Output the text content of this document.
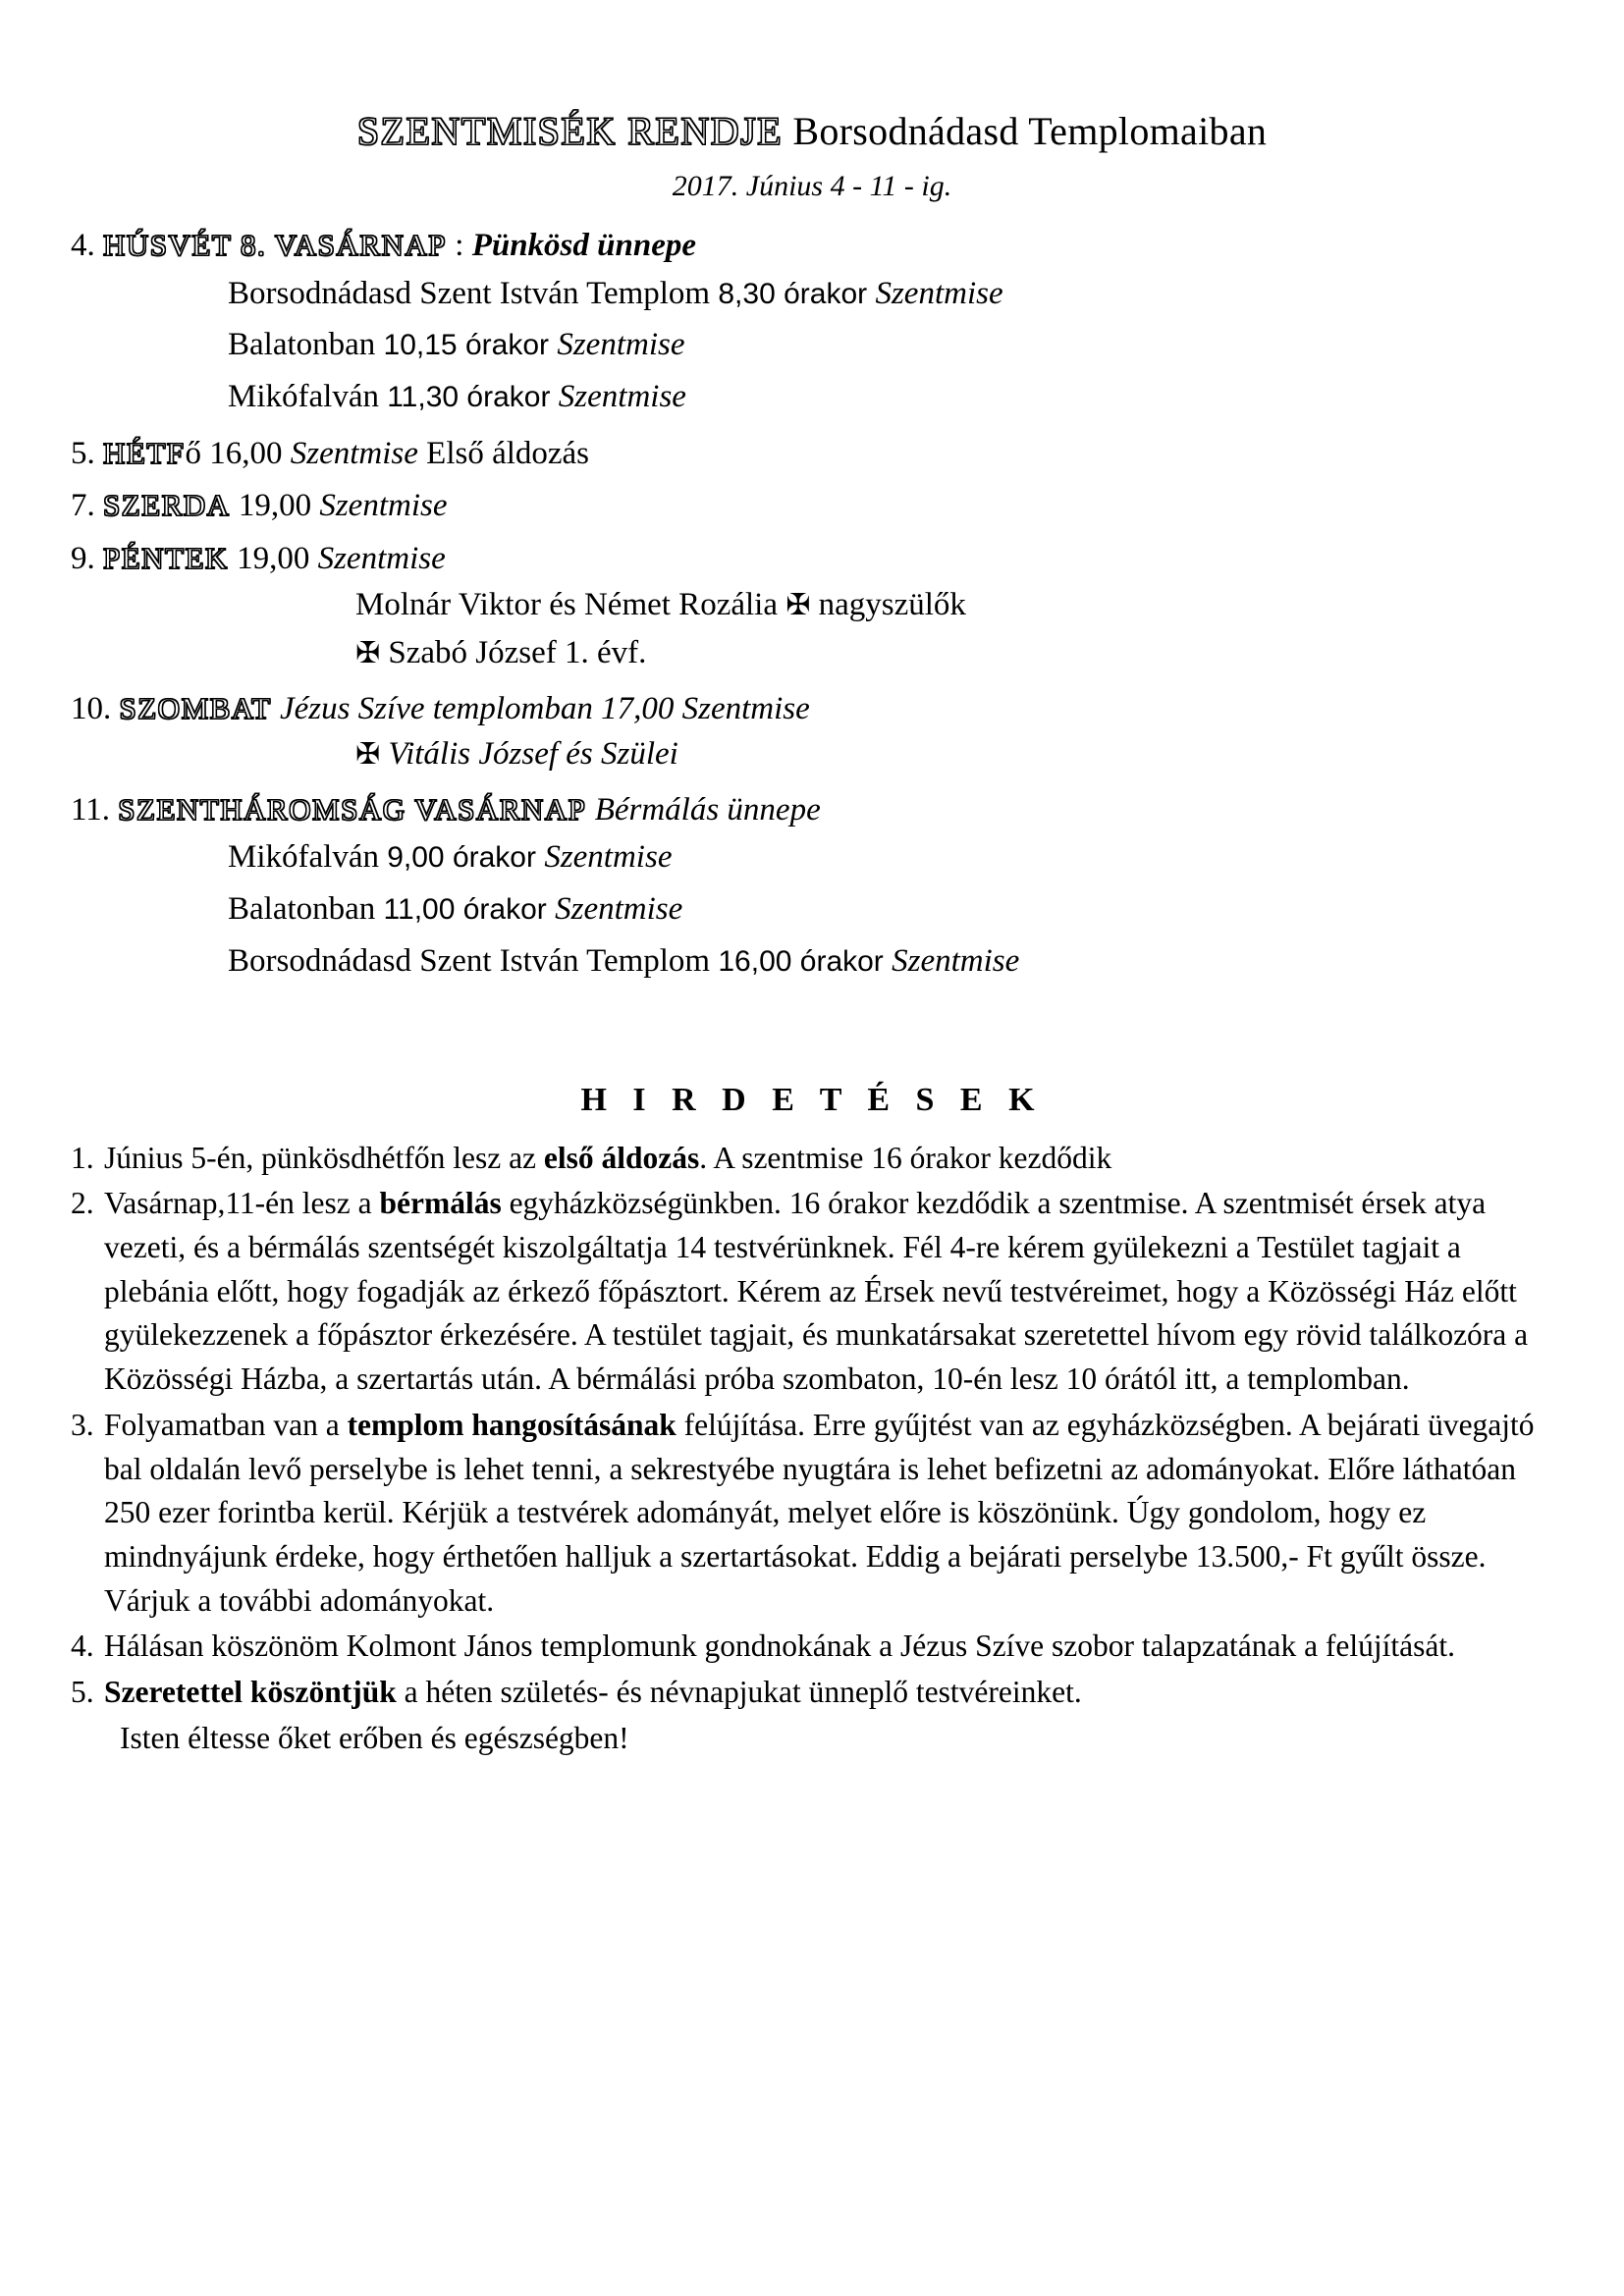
SZENTMISÉK RENDJE Borsodnádasd Templomaiban
2017. Június 4 - 11 - ig.
4. HÚSVÉT 8. VASÁRNAP : Pünkösd ünnepe
Borsodnádasd Szent István Templom 8,30 órakor Szentmise
Balatonban 10,15 órakor Szentmise
Mikófalván 11,30 órakor Szentmise
5. HÉTFő 16,00 Szentmise Első áldozás
7. SZERDA 19,00 Szentmise
9. PÉNTEK 19,00 Szentmise
Molnár Viktor és Német Rozália ✠ nagyszülők
✠ Szabó József 1. évf.
10. SZOMBAT Jézus Szíve templomban 17,00 Szentmise
✠ Vitális József és Szülei
11. SZENTHÁROMSÁG VASÁRNAP Bérmálás ünnepe
Mikófalván 9,00 órakor Szentmise
Balatonban 11,00 órakor Szentmise
Borsodnádasd Szent István Templom 16,00 órakor Szentmise
H I R D E T É S E K
1. Június 5-én, pünkösdhétfőn lesz az első áldozás. A szentmise 16 órakor kezdődik
2. Vasárnap,11-én lesz a bérmálás egyházközségünkben. 16 órakor kezdődik a szentmise. A szentmisét érsek atya vezeti, és a bérmálás szentségét kiszolgáltatja 14 testvérünknek. Fél 4-re kérem gyülekezni a Testület tagjait a plebánia előtt, hogy fogadják az érkező főpásztort. Kérem az Érsek nevű testvéreimet, hogy a Közösségi Ház előtt gyülekezzenek a főpásztor érkezésére. A testület tagjait, és munkatársakat szeretettel hívom egy rövid találkozóra a Közösségi Házba, a szertartás után. A bérmálási próba szombaton, 10-én lesz 10 órától itt, a templomban.
3. Folyamatban van a templom hangosításának felújítása. Erre gyűjtést van az egyházközségben. A bejárati üvegajtó bal oldalán levő perselybe is lehet tenni, a sekrestyébe nyugtára is lehet befizetni az adományokat. Előre láthatóan 250 ezer forintba kerül. Kérjük a testvérek adományát, melyet előre is köszönünk. Úgy gondolom, hogy ez mindnyájunk érdeke, hogy érthetően halljuk a szertartásokat. Eddig a bejárati perselybe 13.500,- Ft gyűlt össze. Várjuk a további adományokat.
4. Hálásan köszönöm Kolmont János templomunk gondnokának a Jézus Szíve szobor talapzatának a felújítását.
5. Szeretettel köszöntjük a héten születés- és névnapjukat ünneplő testvéreinket.
Isten éltesse őket erőben és egészségben!
